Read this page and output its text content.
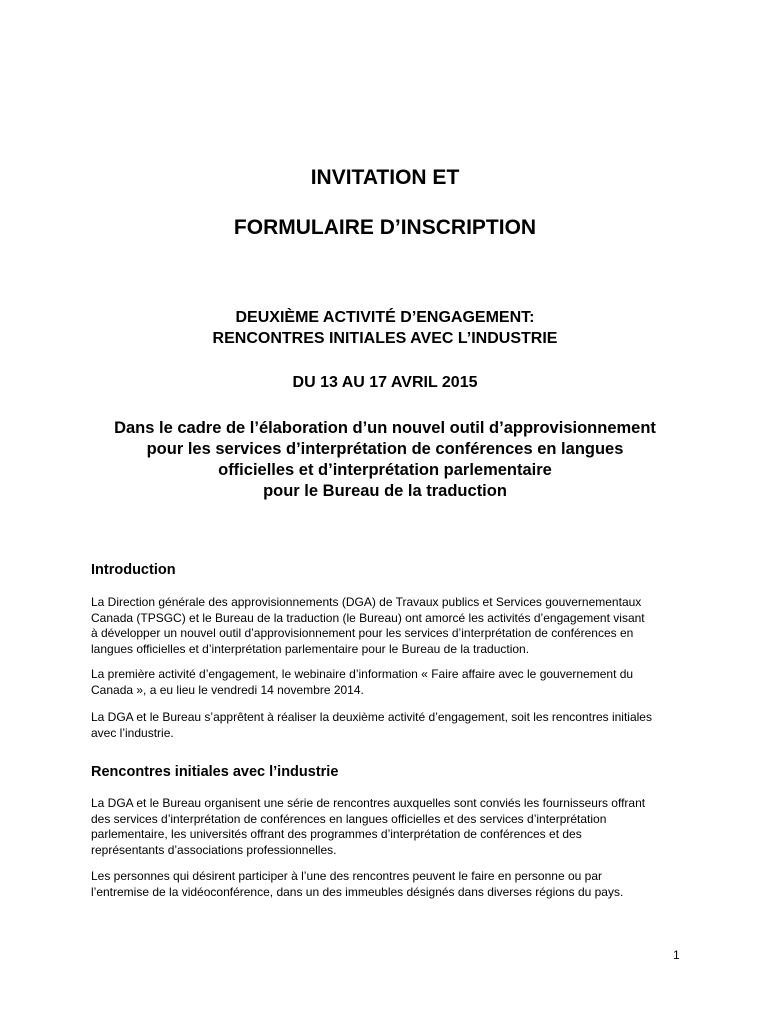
INVITATION ET
FORMULAIRE D’INSCRIPTION
DEUXIÈME ACTIVITÉ D’ENGAGEMENT:
RENCONTRES INITIALES AVEC L’INDUSTRIE
DU 13 AU 17 AVRIL 2015
Dans le cadre de l’élaboration d’un nouvel outil d’approvisionnement
pour les services d’interprétation de conférences en langues
officielles et d’interprétation parlementaire
pour le Bureau de la traduction
Introduction
La Direction générale des approvisionnements (DGA) de Travaux publics et Services gouvernementaux
Canada (TPSGC) et le Bureau de la traduction (le Bureau) ont amorcé les activités d’engagement visant
à développer un nouvel outil d’approvisionnement pour les services d’interprétation de conférences en
langues officielles et d’interprétation parlementaire pour le Bureau de la traduction.
La première activité d’engagement, le webinaire d’information « Faire affaire avec le gouvernement du
Canada », a eu lieu le vendredi 14 novembre 2014.
La DGA et le Bureau s’apprêtent à réaliser la deuxième activité d’engagement, soit les rencontres initiales
avec l’industrie.
Rencontres initiales avec l’industrie
La DGA et le Bureau organisent une série de rencontres auxquelles sont conviés les fournisseurs offrant
des services d’interprétation de conférences en langues officielles et des services d’interprétation
parlementaire, les universités offrant des programmes d’interprétation de conférences et des
représentants d’associations professionnelles.
Les personnes qui désirent participer à l’une des rencontres peuvent le faire en personne ou par
l’entremise de la vidéoconférence, dans un des immeubles désignés dans diverses régions du pays.
1
